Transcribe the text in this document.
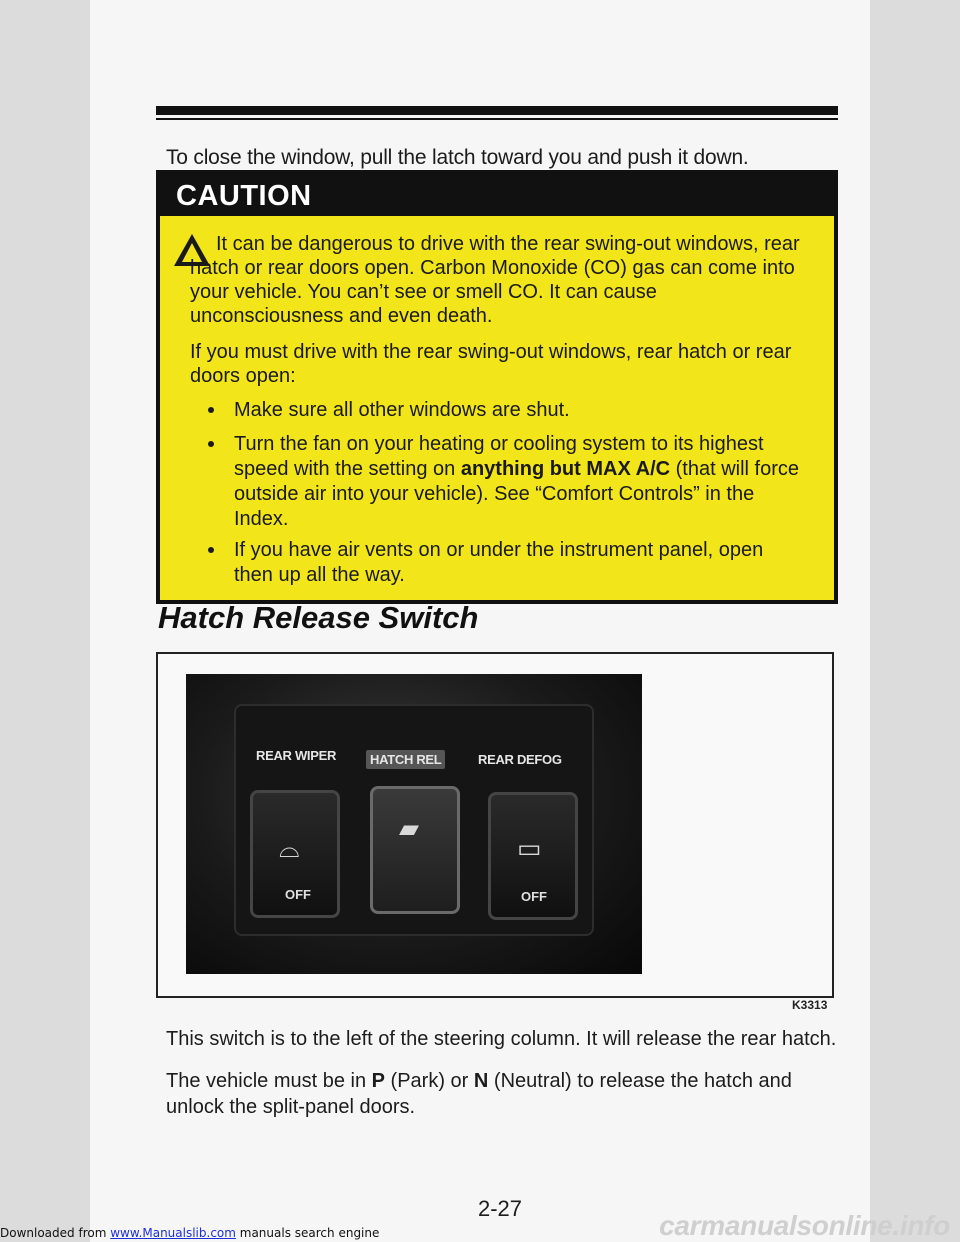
To close the window, pull the latch toward you and push it down.
CAUTION
It can be dangerous to drive with the rear swing-out windows, rear
hatch or rear doors open. Carbon Monoxide (CO) gas can come into
your vehicle. You can’t see or smell CO. It can cause
unconsciousness and even death.
If you must drive with the rear swing-out windows, rear hatch or rear
doors open:
Make sure all other windows are shut.
Turn the fan on your heating or cooling system to its highest
speed with the setting on anything but MAX A/C (that will force
outside air into your vehicle). See “Comfort Controls” in the
Index.
If you have air vents on or under the instrument panel, open
then up all the way.
Hatch Release Switch
REAR WIPER	HATCH REL	REAR DEFOG
⌓
OFF
▰
▭
OFF
K3313
This switch is to the left of the steering column. It will release the rear hatch.
The vehicle must be in P (Park) or N (Neutral) to release the hatch and
unlock the split-panel doors.
2-27
Downloaded from www.Manualslib.com manuals search engine	carmanualsonline.info
